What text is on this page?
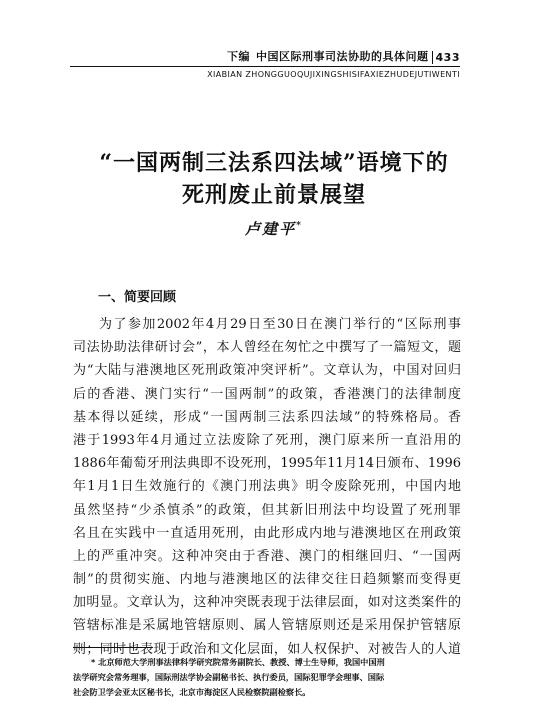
下编 中国区际刑事司法协助的具体问题 433
XIABIAN ZHONGGUOQUJIXINGSHISIFAXIEZHUDEJUTIWENTI
“一国两制三法系四法域”语境下的
死刑废止前景展望
卢建平*
一、简要回顾
为了参加2002年4月29日至30日在澳门举行的“区际刑事
司法协助法律研讨会”，本人曾经在匆忙之中撰写了一篇短文，题
为“大陆与港澳地区死刑政策冲突评析”。文章认为，中国对回归
后的香港、澳门实行“一国两制”的政策，香港澳门的法律制度
基本得以延续，形成“一国两制三法系四法域”的特殊格局。香
港于1993年4月通过立法废除了死刑，澳门原来所一直沿用的
1886年葡萄牙刑法典即不设死刑，1995年11月14日颁布、1996
年1月1日生效施行的《澳门刑法典》明令废除死刑，中国内地
虽然坚持“少杀慎杀”的政策，但其新旧刑法中均设置了死刑罪
名且在实践中一直适用死刑，由此形成内地与港澳地区在刑政策
上的严重冲突。这种冲突由于香港、澳门的相继回归、“一国两
制”的贯彻实施、内地与港澳地区的法律交往日趋频繁而变得更
加明显。文章认为，这种冲突既表现于法律层面，如对这类案件的
管辖标准是采属地管辖原则、属人管辖原则还是采用保护管辖原
则；同时也表现于政治和文化层面，如人权保护、对被告人的人道
* 北京师范大学刑事法律科学研究院常务副院长、教授、博士生导师，我国中国刑
法学研究会常务理事，国际刑法学协会副秘书长、执行委员，国际犯罪学会理事、国际
社会防卫学会亚太区秘书长，北京市海淀区人民检察院副检察长。
